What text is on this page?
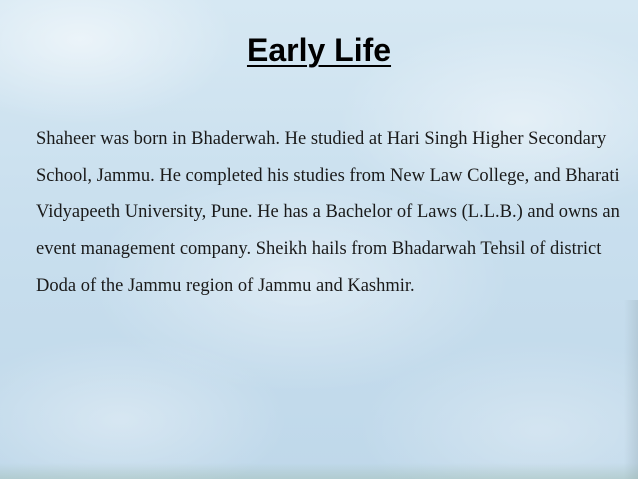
Early Life

Shaheer was born in Bhaderwah. He studied at Hari Singh Higher Secondary School, Jammu. He completed his studies from New Law College, and Bharati Vidyapeeth University, Pune. He has a Bachelor of Laws (L.L.B.) and owns an event management company. Sheikh hails from Bhadarwah Tehsil of district Doda of the Jammu region of Jammu and Kashmir.
